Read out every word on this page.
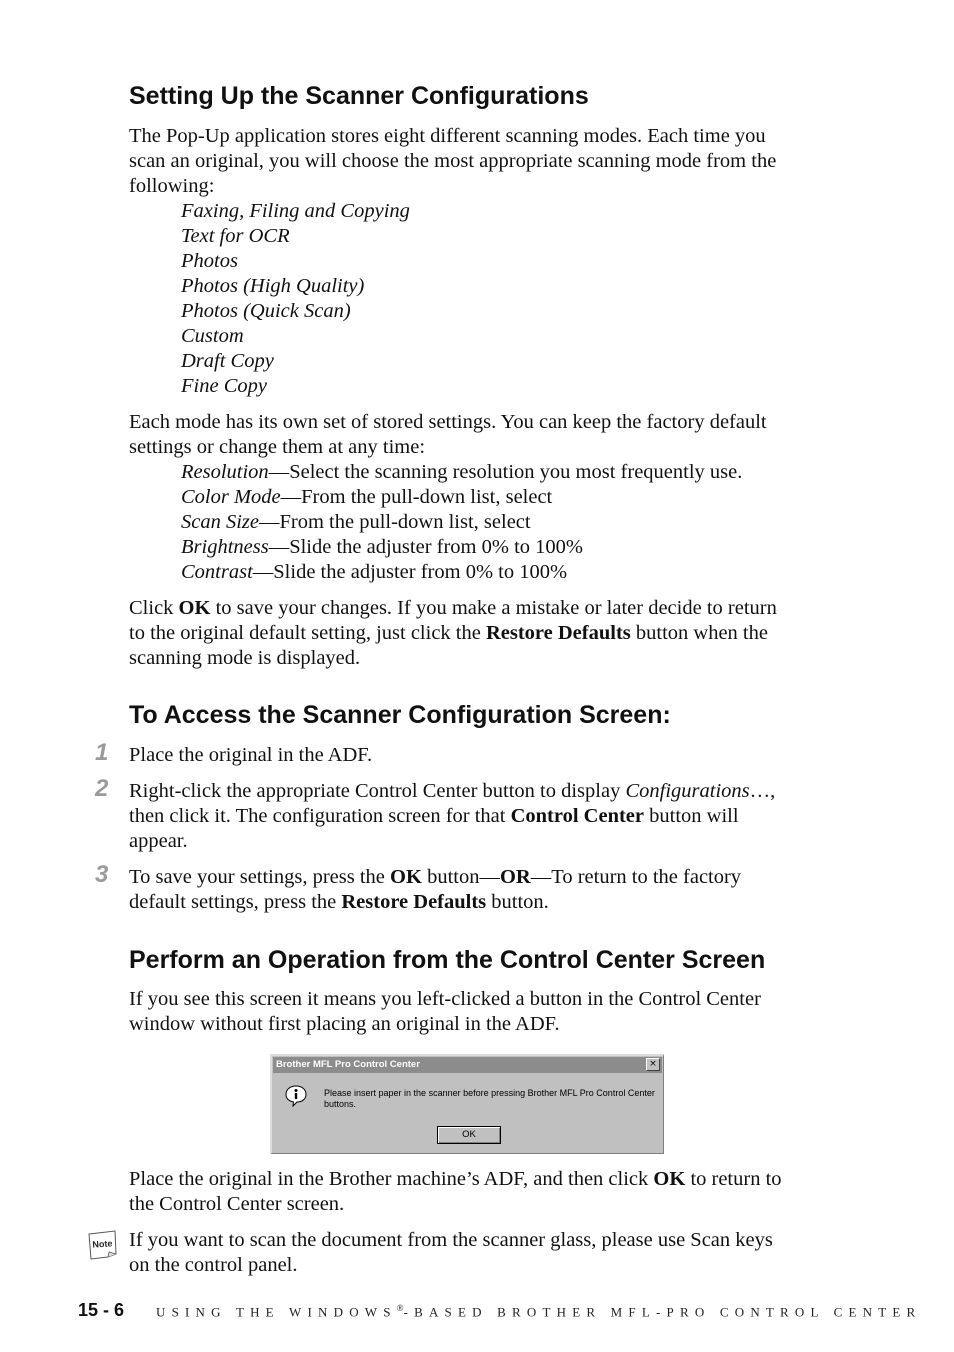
Setting Up the Scanner Configurations
The Pop-Up application stores eight different scanning modes. Each time you
scan an original, you will choose the most appropriate scanning mode from the
following:
Faxing, Filing and Copying
Text for OCR
Photos
Photos (High Quality)
Photos (Quick Scan)
Custom
Draft Copy
Fine Copy
Each mode has its own set of stored settings. You can keep the factory default
settings or change them at any time:
Resolution—Select the scanning resolution you most frequently use.
Color Mode—From the pull-down list, select
Scan Size—From the pull-down list, select
Brightness—Slide the adjuster from 0% to 100%
Contrast—Slide the adjuster from 0% to 100%
Click OK to save your changes. If you make a mistake or later decide to return
to the original default setting, just click the Restore Defaults button when the
scanning mode is displayed.
To Access the Scanner Configuration Screen:
1 Place the original in the ADF.
2 Right-click the appropriate Control Center button to display Configurations…,
then click it. The configuration screen for that Control Center button will
appear.
3 To save your settings, press the OK button—OR—To return to the factory
default settings, press the Restore Defaults button.
Perform an Operation from the Control Center Screen
If you see this screen it means you left-clicked a button in the Control Center
window without first placing an original in the ADF.
Brother MFL Pro Control Center	×
Please insert paper in the scanner before pressing Brother MFL Pro Control Center buttons.
OK
Place the original in the Brother machine’s ADF, and then click OK to return to
the Control Center screen.
Note If you want to scan the document from the scanner glass, please use Scan keys
on the control panel.
15 - 6 USING THE WINDOWS®-BASED BROTHER MFL-PRO CONTROL CENTER
